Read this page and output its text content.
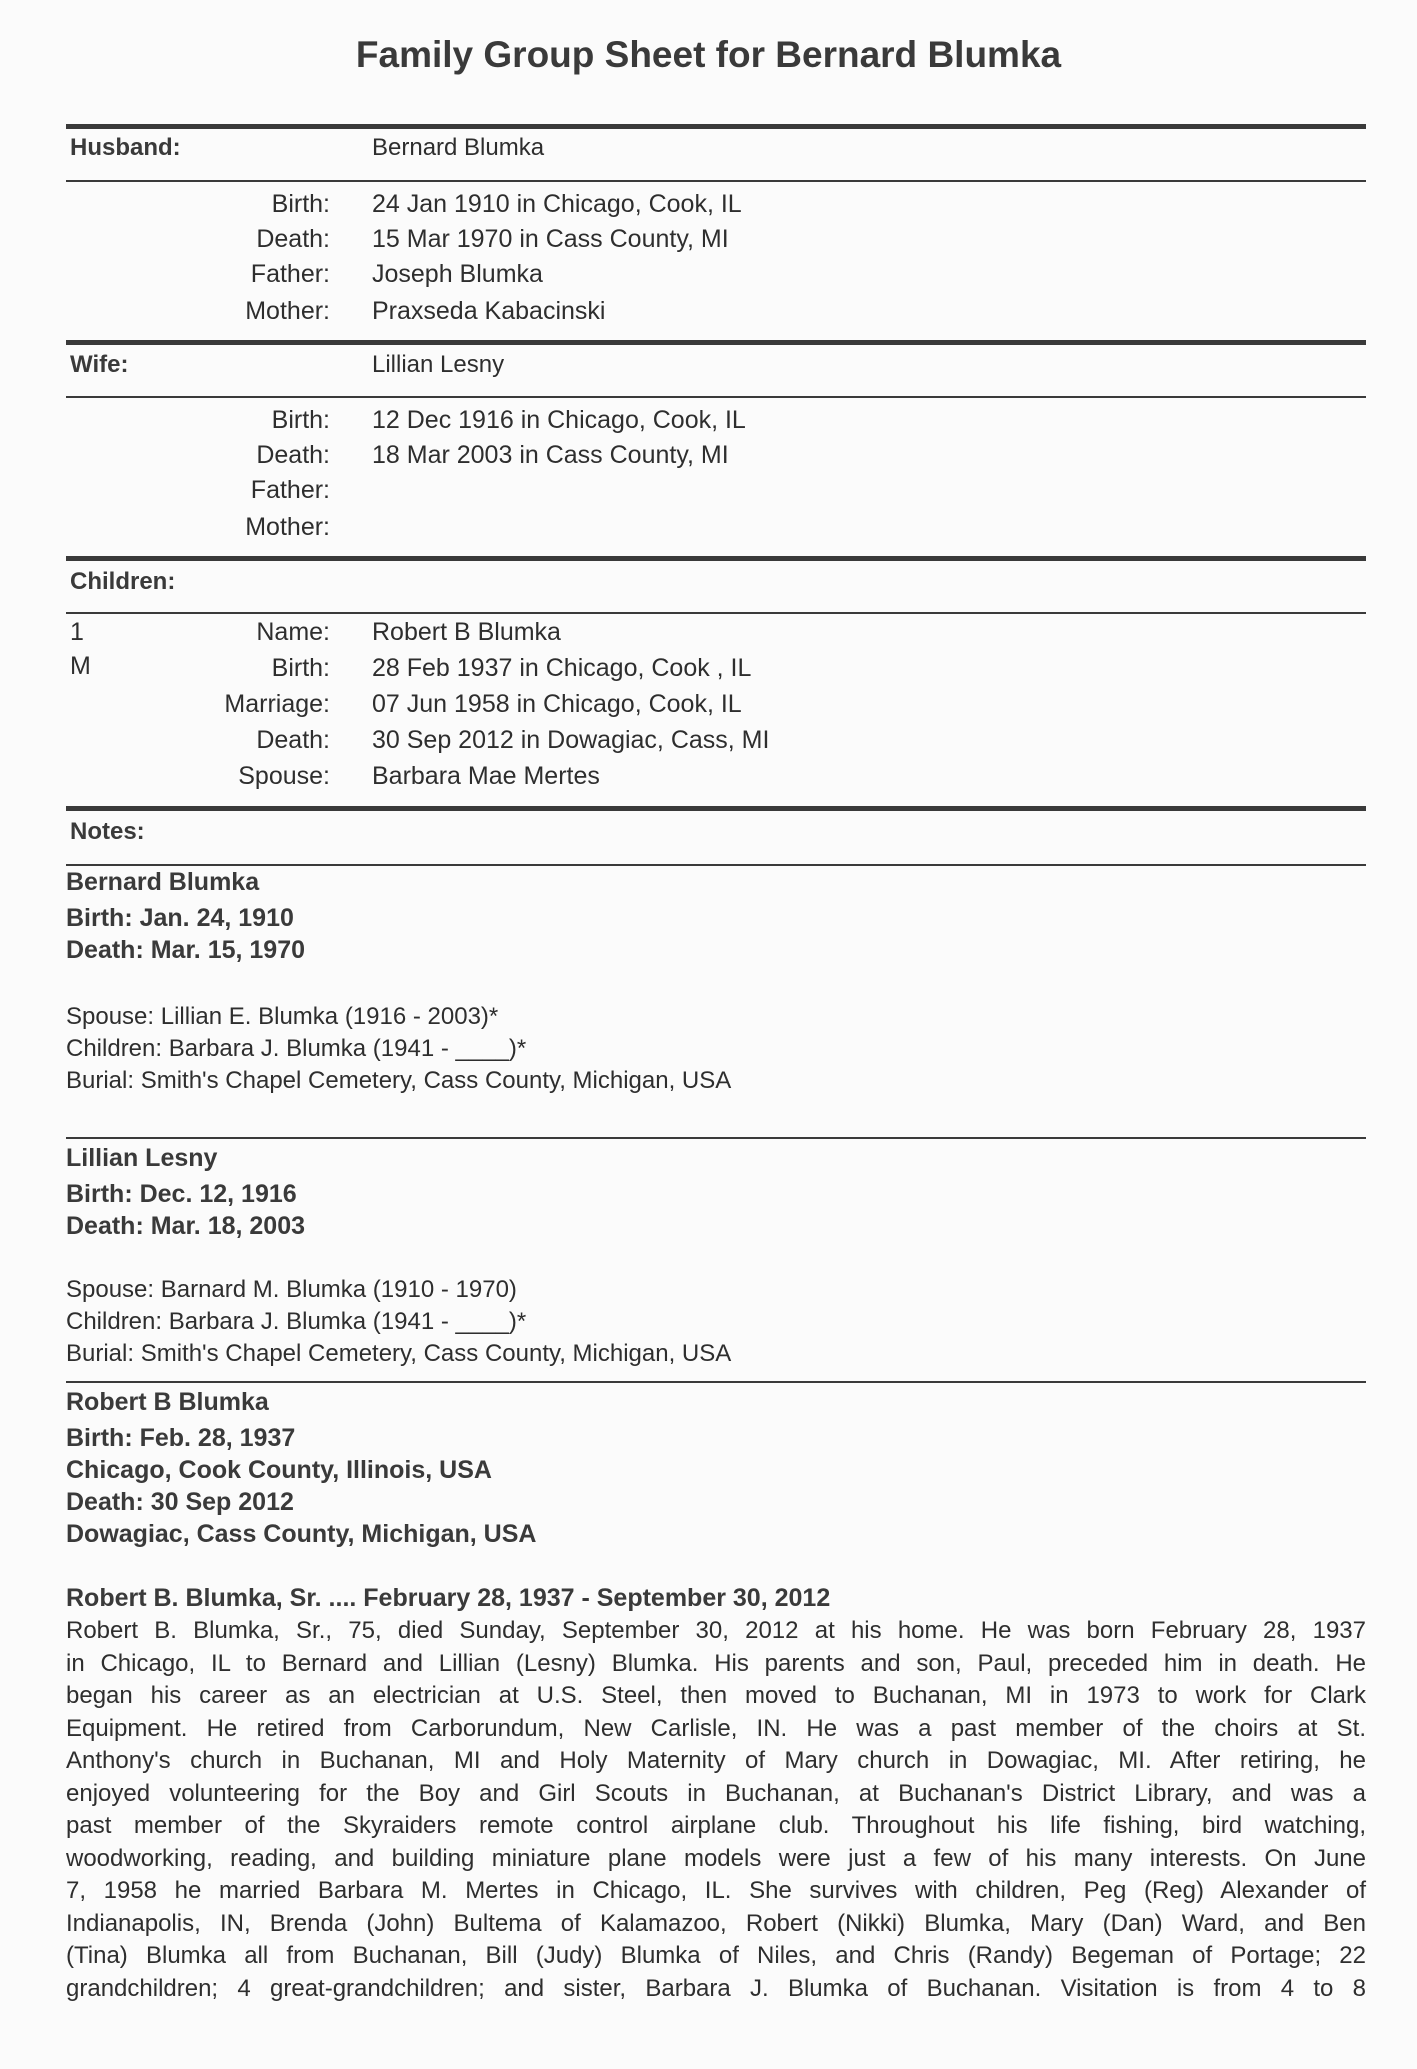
Family Group Sheet for Bernard Blumka
Husband:	Bernard Blumka
Birth: 24 Jan 1910 in Chicago, Cook, IL
Death: 15 Mar 1970 in Cass County, MI
Father: Joseph Blumka
Mother: Praxseda Kabacinski
Wife:	Lillian Lesny
Birth: 12 Dec 1916 in Chicago, Cook, IL
Death: 18 Mar 2003 in Cass County, MI
Father:
Mother:
Children:
1
M
Name: Robert B Blumka
Birth: 28 Feb 1937 in Chicago, Cook , IL
Marriage: 07 Jun 1958 in Chicago, Cook, IL
Death: 30 Sep 2012 in Dowagiac, Cass, MI
Spouse: Barbara Mae Mertes
Notes:
Bernard Blumka
Birth: Jan. 24, 1910
Death: Mar. 15, 1970
Spouse: Lillian E. Blumka (1916 - 2003)*
Children: Barbara J. Blumka (1941 - ____)*
Burial: Smith's Chapel Cemetery, Cass County, Michigan, USA
Lillian Lesny
Birth: Dec. 12, 1916
Death: Mar. 18, 2003
Spouse: Barnard M. Blumka (1910 - 1970)
Children: Barbara J. Blumka (1941 - ____)*
Burial: Smith's Chapel Cemetery, Cass County, Michigan, USA
Robert B Blumka
Birth: Feb. 28, 1937
Chicago, Cook County, Illinois, USA
Death: 30 Sep 2012
Dowagiac, Cass County, Michigan, USA
Robert B. Blumka, Sr. .... February 28, 1937 - September 30, 2012
Robert B. Blumka, Sr., 75, died Sunday, September 30, 2012 at his home. He was born February 28, 1937
in Chicago, IL to Bernard and Lillian (Lesny) Blumka. His parents and son, Paul, preceded him in death. He
began his career as an electrician at U.S. Steel, then moved to Buchanan, MI in 1973 to work for Clark
Equipment. He retired from Carborundum, New Carlisle, IN. He was a past member of the choirs at St.
Anthony's church in Buchanan, MI and Holy Maternity of Mary church in Dowagiac, MI. After retiring, he
enjoyed volunteering for the Boy and Girl Scouts in Buchanan, at Buchanan's District Library, and was a
past member of the Skyraiders remote control airplane club. Throughout his life fishing, bird watching,
woodworking, reading, and building miniature plane models were just a few of his many interests. On June
7, 1958 he married Barbara M. Mertes in Chicago, IL. She survives with children, Peg (Reg) Alexander of
Indianapolis, IN, Brenda (John) Bultema of Kalamazoo, Robert (Nikki) Blumka, Mary (Dan) Ward, and Ben
(Tina) Blumka all from Buchanan, Bill (Judy) Blumka of Niles, and Chris (Randy) Begeman of Portage; 22
grandchildren; 4 great-grandchildren; and sister, Barbara J. Blumka of Buchanan. Visitation is from 4 to 8
